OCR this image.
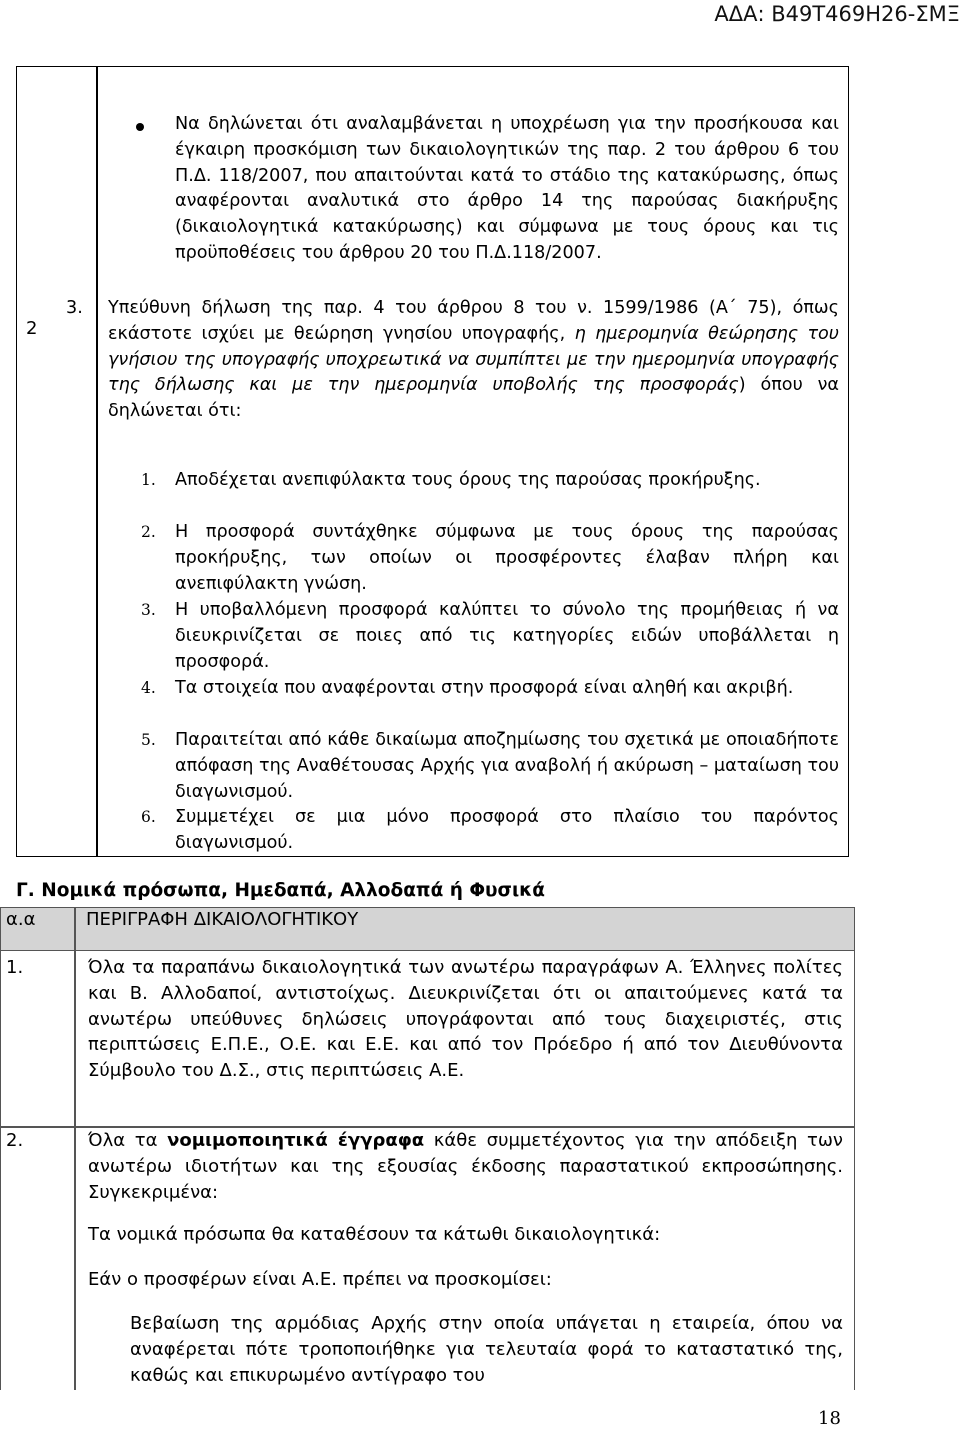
ΑΔΑ: Β49Τ469Η26-ΣΜΞ
2
Να δηλώνεται ότι αναλαμβάνεται η υποχρέωση για την προσήκουσα και έγκαιρη προσκόμιση των δικαιολογητικών της παρ. 2 του άρθρου 6 του Π.Δ. 118/2007, που απαιτούνται κατά το στάδιο της κατακύρωσης, όπως αναφέρονται αναλυτικά στο άρθρο 14 της παρούσας διακήρυξης (δικαιολογητικά κατακύρωσης) και σύμφωνα με τους όρους και τις προϋποθέσεις του άρθρου 20 του Π.Δ.118/2007.
3. Υπεύθυνη δήλωση της παρ. 4 του άρθρου 8 του ν. 1599/1986 (Α΄ 75), όπως εκάστοτε ισχύει με θεώρηση γνησίου υπογραφής, η ημερομηνία θεώρησης του γνήσιου της υπογραφής υποχρεωτικά να συμπίπτει με την ημερομηνία υπογραφής της δήλωσης και με την ημερομηνία υποβολής της προσφοράς) όπου να δηλώνεται ότι:
1. Αποδέχεται ανεπιφύλακτα τους όρους της παρούσας προκήρυξης.
2. Η προσφορά συντάχθηκε σύμφωνα με τους όρους της παρούσας προκήρυξης, των οποίων οι προσφέροντες έλαβαν πλήρη και ανεπιφύλακτη γνώση.
3. Η υποβαλλόμενη προσφορά καλύπτει το σύνολο της προμήθειας ή να διευκρινίζεται σε ποιες από τις κατηγορίες ειδών υποβάλλεται η προσφορά.
4. Τα στοιχεία που αναφέρονται στην προσφορά είναι αληθή και ακριβή.
5. Παραιτείται από κάθε δικαίωμα αποζημίωσης του σχετικά με οποιαδήποτε απόφαση της Αναθέτουσας Αρχής για αναβολή ή ακύρωση – ματαίωση του διαγωνισμού.
6. Συμμετέχει σε μια μόνο προσφορά στο πλαίσιο του παρόντος διαγωνισμού.
Γ. Νομικά πρόσωπα, Ημεδαπά, Αλλοδαπά ή Φυσικά
α.α	ΠΕΡΙΓΡΑΦΗ ΔΙΚΑΙΟΛΟΓΗΤΙΚΟΥ
1.	Όλα τα παραπάνω δικαιολογητικά των ανωτέρω παραγράφων Α. Έλληνες πολίτες και Β. Αλλοδαποί, αντιστοίχως. Διευκρινίζεται ότι οι απαιτούμενες κατά τα ανωτέρω υπεύθυνες δηλώσεις υπογράφονται από τους διαχειριστές, στις περιπτώσεις Ε.Π.Ε., Ο.Ε. και Ε.Ε. και από τον Πρόεδρο ή από τον Διευθύνοντα Σύμβουλο του Δ.Σ., στις περιπτώσεις Α.Ε.
2.	Όλα τα νομιμοποιητικά έγγραφα κάθε συμμετέχοντος για την απόδειξη των ανωτέρω ιδιοτήτων και της εξουσίας έκδοσης παραστατικού εκπροσώπησης. Συγκεκριμένα:
Τα νομικά πρόσωπα θα καταθέσουν τα κάτωθι δικαιολογητικά:
Εάν ο προσφέρων είναι Α.Ε. πρέπει να προσκομίσει:
Βεβαίωση της αρμόδιας Αρχής στην οποία υπάγεται η εταιρεία, όπου να αναφέρεται πότε τροποποιήθηκε για τελευταία φορά το καταστατικό της, καθώς και επικυρωμένο αντίγραφο του
18
